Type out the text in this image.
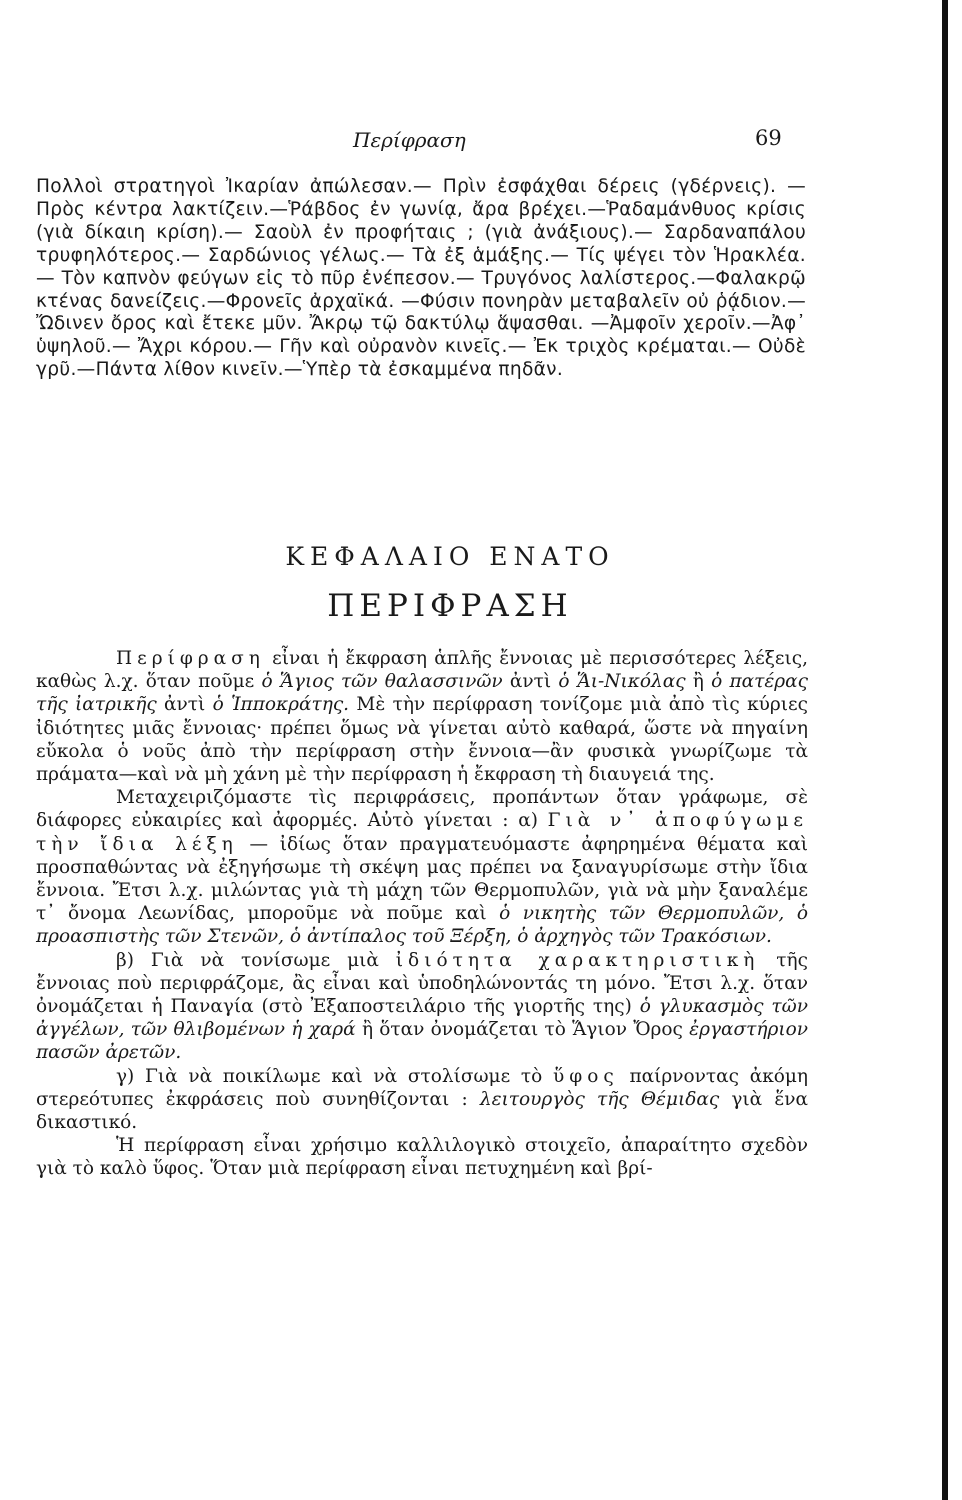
Περίφραση	69

Πολλοὶ στρατηγοὶ Ἰκαρίαν ἀπώλεσαν.— Πρὶν ἐσφάχθαι δέρεις (γδέρνεις). — Πρὸς κέντρα λακτίζειν.—Ῥάβδος ἐν γωνίᾳ, ἄρα βρέχει.—Ῥαδαμάνθυος κρίσις (γιὰ δίκαιη κρίση).— Σαοὺλ ἐν προφήταις ; (γιὰ ἀνάξιους).— Σαρδαναπάλου τρυφηλότερος.— Σαρδώνιος γέλως.— Τὰ ἐξ ἁμάξης.— Τίς ψέγει τὸν Ἡρακλέα.— Τὸν καπνὸν φεύγων εἰς τὸ πῦρ ἐνέπεσον.— Τρυγόνος λαλίστερος.—Φαλακρῷ κτένας δανείζεις.—Φρονεῖς ἀρχαϊκά. —Φύσιν πονηρὰν μεταβαλεῖν οὐ ῥᾴδιον.—Ὤδινεν ὄρος καὶ ἔτεκε μῦν. Ἄκρῳ τῷ δακτύλῳ ἅψασθαι. —Ἀμφοῖν χεροῖν.—Ἀφ᾽ ὑψηλοῦ.— Ἄχρι κόρου.— Γῆν καὶ οὐρανὸν κινεῖς.— Ἐκ τριχὸς κρέμαται.— Οὐδὲ γρῦ.—Πάντα λίθον κινεῖν.—Ὑπὲρ τὰ ἐσκαμμένα πηδᾶν.

ΚΕΦΑΛΑΙΟ ΕΝΑΤΟ
ΠΕΡΙΦΡΑΣΗ

Περίφραση εἶναι ἡ ἔκφραση ἁπλῆς ἔννοιας μὲ περισσότερες λέξεις, καθὼς λ.χ. ὅταν ποῦμε ὁ Ἅγιος τῶν θαλασσινῶν ἀντὶ ὁ Ἅι-Νικόλας ἢ ὁ πατέρας τῆς ἰατρικῆς ἀντὶ ὁ Ἱπποκράτης. Μὲ τὴν περίφραση τονίζομε μιὰ ἀπὸ τὶς κύριες ἰδιότητες μιᾶς ἔννοιας· πρέπει ὅμως νὰ γίνεται αὐτὸ καθαρά, ὥστε νὰ πηγαίνη εὔκολα ὁ νοῦς ἀπὸ τὴν περίφραση στὴν ἔννοια—ἂν φυσικὰ γνωρίζωμε τὰ πράματα—καὶ νὰ μὴ χάνη μὲ τὴν περίφραση ἡ ἔκφραση τὴ διαυγειά της.

Μεταχειριζόμαστε τὶς περιφράσεις, προπάντων ὅταν γράφωμε, σὲ διάφορες εὐκαιρίες καὶ ἀφορμές. Αὐτὸ γίνεται : α) Γιὰ ν᾽ ἀποφύγωμε τὴν ἴδια λέξη — ἰδίως ὅταν πραγματευόμαστε ἀφηρημένα θέματα καὶ προσπαθώντας νὰ ἐξηγήσωμε τὴ σκέψη μας πρέπει να ξαναγυρίσωμε στὴν ἴδια ἔννοια. Ἔτσι λ.χ. μιλώντας γιὰ τὴ μάχη τῶν Θερμοπυλῶν, γιὰ νὰ μὴν ξαναλέμε τ᾽ ὄνομα Λεωνίδας, μποροῦμε νὰ ποῦμε καὶ ὁ νικητὴς τῶν Θερμοπυλῶν, ὁ προασπιστὴς τῶν Στενῶν, ὁ ἀντίπαλος τοῦ Ξέρξη, ὁ ἀρχηγὸς τῶν Τρακόσιων.

β) Γιὰ νὰ τονίσωμε μιὰ ἰδιότητα χαρακτηριστικὴ τῆς ἔννοιας ποὺ περιφράζομε, ἂς εἶναι καὶ ὑποδηλώνοντάς τη μόνο. Ἔτσι λ.χ. ὅταν ὀνομάζεται ἡ Παναγία (στὸ Ἐξαποστειλάριο τῆς γιορτῆς της) ὁ γλυκασμὸς τῶν ἀγγέλων, τῶν θλιβομένων ἡ χαρά ἢ ὅταν ὀνομάζεται τὸ Ἅγιον Ὄρος ἐργαστήριον πασῶν ἀρετῶν.

γ) Γιὰ νὰ ποικίλωμε καὶ νὰ στολίσωμε τὸ ὕφος παίρνοντας ἀκόμη στερεότυπες ἐκφράσεις ποὺ συνηθίζονται : λειτουργὸς τῆς Θέμιδας γιὰ ἕνα δικαστικό.

Ἡ περίφραση εἶναι χρήσιμο καλλιλογικὸ στοιχεῖο, ἀπαραίτητο σχεδὸν γιὰ τὸ καλὸ ὕφος. Ὅταν μιὰ περίφραση εἶναι πετυχημένη καὶ βρί-
